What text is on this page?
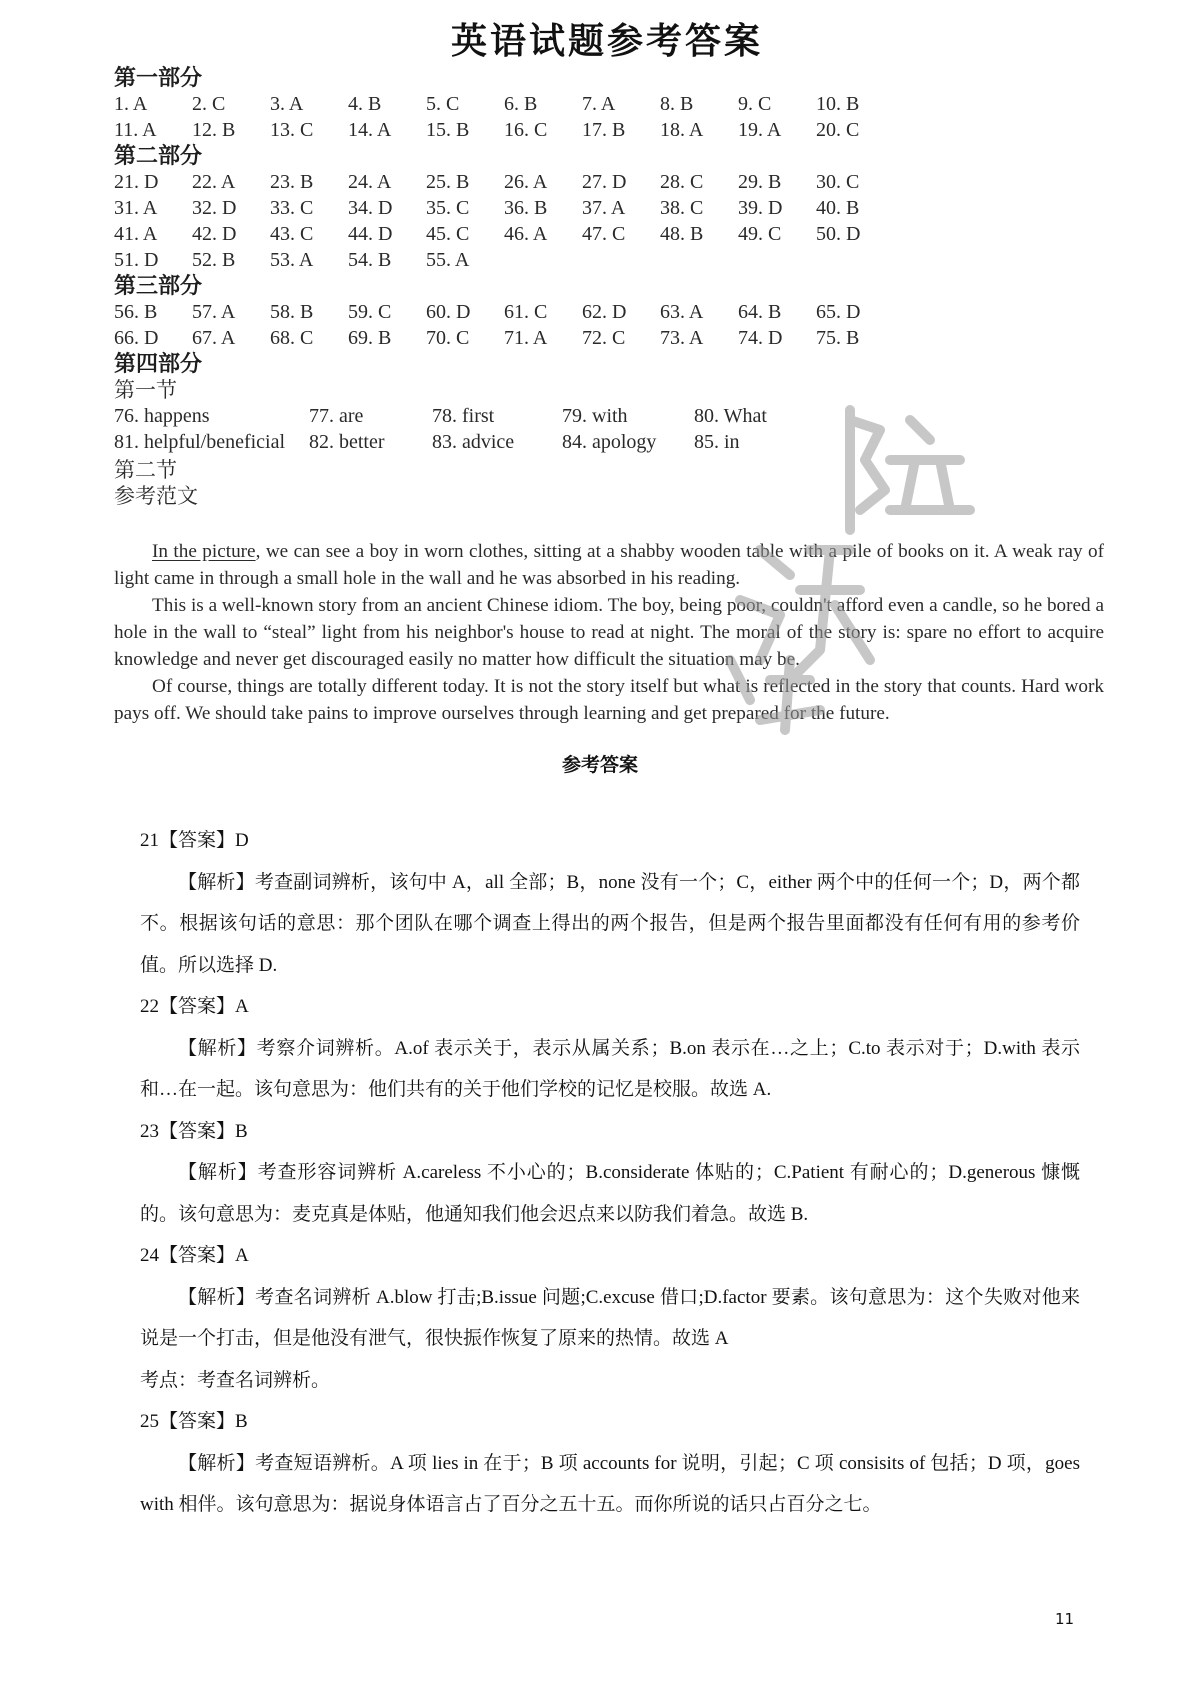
英语试题参考答案
第一部分
1. A 2. C 3. A 4. B 5. C 6. B 7. A 8. B 9. C 10. B
11. A 12. B 13. C 14. A 15. B 16. C 17. B 18. A 19. A 20. C
第二部分
21. D 22. A 23. B 24. A 25. B 26. A 27. D 28. C 29. B 30. C
31. A 32. D 33. C 34. D 35. C 36. B 37. A 38. C 39. D 40. B
41. A 42. D 43. C 44. D 45. C 46. A 47. C 48. B 49. C 50. D
51. D 52. B 53. A 54. B 55. A
第三部分
56. B 57. A 58. B 59. C 60. D 61. C 62. D 63. A 64. B 65. D
66. D 67. A 68. C 69. B 70. C 71. A 72. C 73. A 74. D 75. B
第四部分
第一节
76. happens	77. are	78. first	79. with	80. What
81. helpful/beneficial 82. better 83. advice 84. apology 85. in
第二节
参考范文

In the picture, we can see a boy in worn clothes, sitting at a shabby wooden table with a pile of books on it. A weak ray of light came in through a small hole in the wall and he was absorbed in his reading.

This is a well-known story from an ancient Chinese idiom. The boy, being poor, couldn't afford even a candle, so he bored a hole in the wall to “steal” light from his neighbor's house to read at night. The moral of the story is: spare no effort to acquire knowledge and never get discouraged easily no matter how difficult the situation may be.

Of course, things are totally different today. It is not the story itself but what is reflected in the story that counts. Hard work pays off. We should take pains to improve ourselves through learning and get prepared for the future.

参考答案

21【答案】D

【解析】考查副词辨析，该句中 A，all 全部；B，none 没有一个；C，either 两个中的任何一个；D，两个都不。根据该句话的意思：那个团队在哪个调查上得出的两个报告，但是两个报告里面都没有任何有用的参考价值。所以选择 D.

22【答案】A

【解析】考察介词辨析。A.of 表示关于，表示从属关系；B.on 表示在…之上；C.to 表示对于；D.with 表示和…在一起。该句意思为：他们共有的关于他们学校的记忆是校服。故选 A.

23【答案】B

【解析】考查形容词辨析 A.careless 不小心的；B.considerate 体贴的；C.Patient 有耐心的；D.generous 慷慨的。该句意思为：麦克真是体贴，他通知我们他会迟点来以防我们着急。故选 B.

24【答案】A

【解析】考查名词辨析 A.blow 打击;B.issue 问题;C.excuse 借口;D.factor 要素。该句意思为：这个失败对他来说是一个打击，但是他没有泄气，很快振作恢复了原来的热情。故选 A

考点：考查名词辨析。

25【答案】B

【解析】考查短语辨析。A 项 lies in 在于；B 项 accounts for 说明，引起；C 项 consisits of 包括；D 项，goes with 相伴。该句意思为：据说身体语言占了百分之五十五。而你所说的话只占百分之七。

11
